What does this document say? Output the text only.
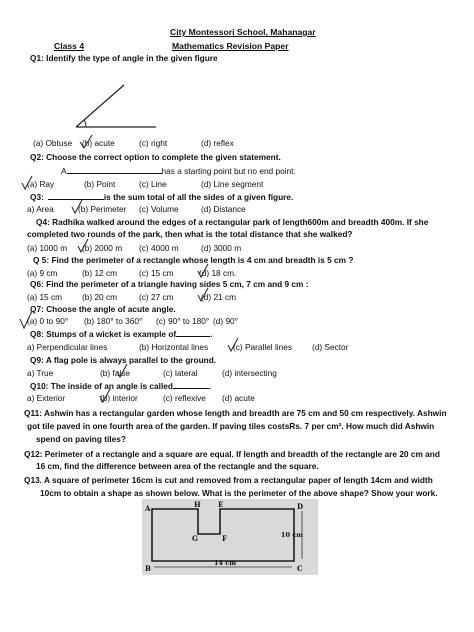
City Montessori School, Mahanagar
Class 4	Mathematics Revision Paper
Q1: Identify the type of angle in the given figure
(a) Obtuse (b) acute	(c) right	(d) reflex
Q2: Choose the correct option to complete the given statement.
A	has a starting point but no end point.
(a) Ray	(b) Point	(c) Line	(d) Line segment
Q3:	is the sum total of all the sides of a given figure.
a) Area	(b) Perimeter (c) Volume	(d) Distance
Q4: Radhika walked around the edges of a rectangular park of length600m and breadth 400m. If she
completed two rounds of the park, then what is the total distance that she walked?
(a) 1000 m (b) 2000 m (c) 4000 m	(d) 3000 m
Q 5: Find the perimeter of a rectangle whose length is 4 cm and breadth is 5 cm ?
(a) 9 cm	(b) 12 cm	(c) 15 cm	(d) 18 cm.
Q6: Find the perimeter of a triangle having sides 5 cm, 7 cm and 9 cm :
(a) 15 cm (b) 20 cm	(c) 27 cm	(d) 21 cm
Q7: Choose the angle of acute angle.
(a) 0 to 90° (b) 180° to 360° (c) 90° to 180° (d) 90°
Q8: Stumps of a wicket is example of	.
a) Perpendicular lines	(b) Horizontal lines	(c) Parallel lines (d) Sector
Q9: A flag pole is always parallel to the ground.
a) True	(b) false	(c) lateral	(d) intersecting
Q10: The inside of an angle is called	.
a) Exterior	(b) interior	(c) reflexive (d) acute
Q11: Ashwin has a rectangular garden whose length and breadth are 75 cm and 50 cm respectively. Ashwin
got tile paved in one fourth area of the garden. If paving tiles costsRs. 7 per cm². How much did Ashwin
spend on paving tiles?
Q12: Perimeter of a rectangle and a square are equal. If length and breadth of the rectangle are 20 cm and
16 cm, find the difference between area of the rectangle and the square.
Q13. A square of perimeter 16cm is cut and removed from a rectangular paper of length 14cm and width
10cm to obtain a shape as shown below. What is the perimeter of the above shape? Show your work.
A	H E	D
G	F
B	C
14 cm
10 cm
